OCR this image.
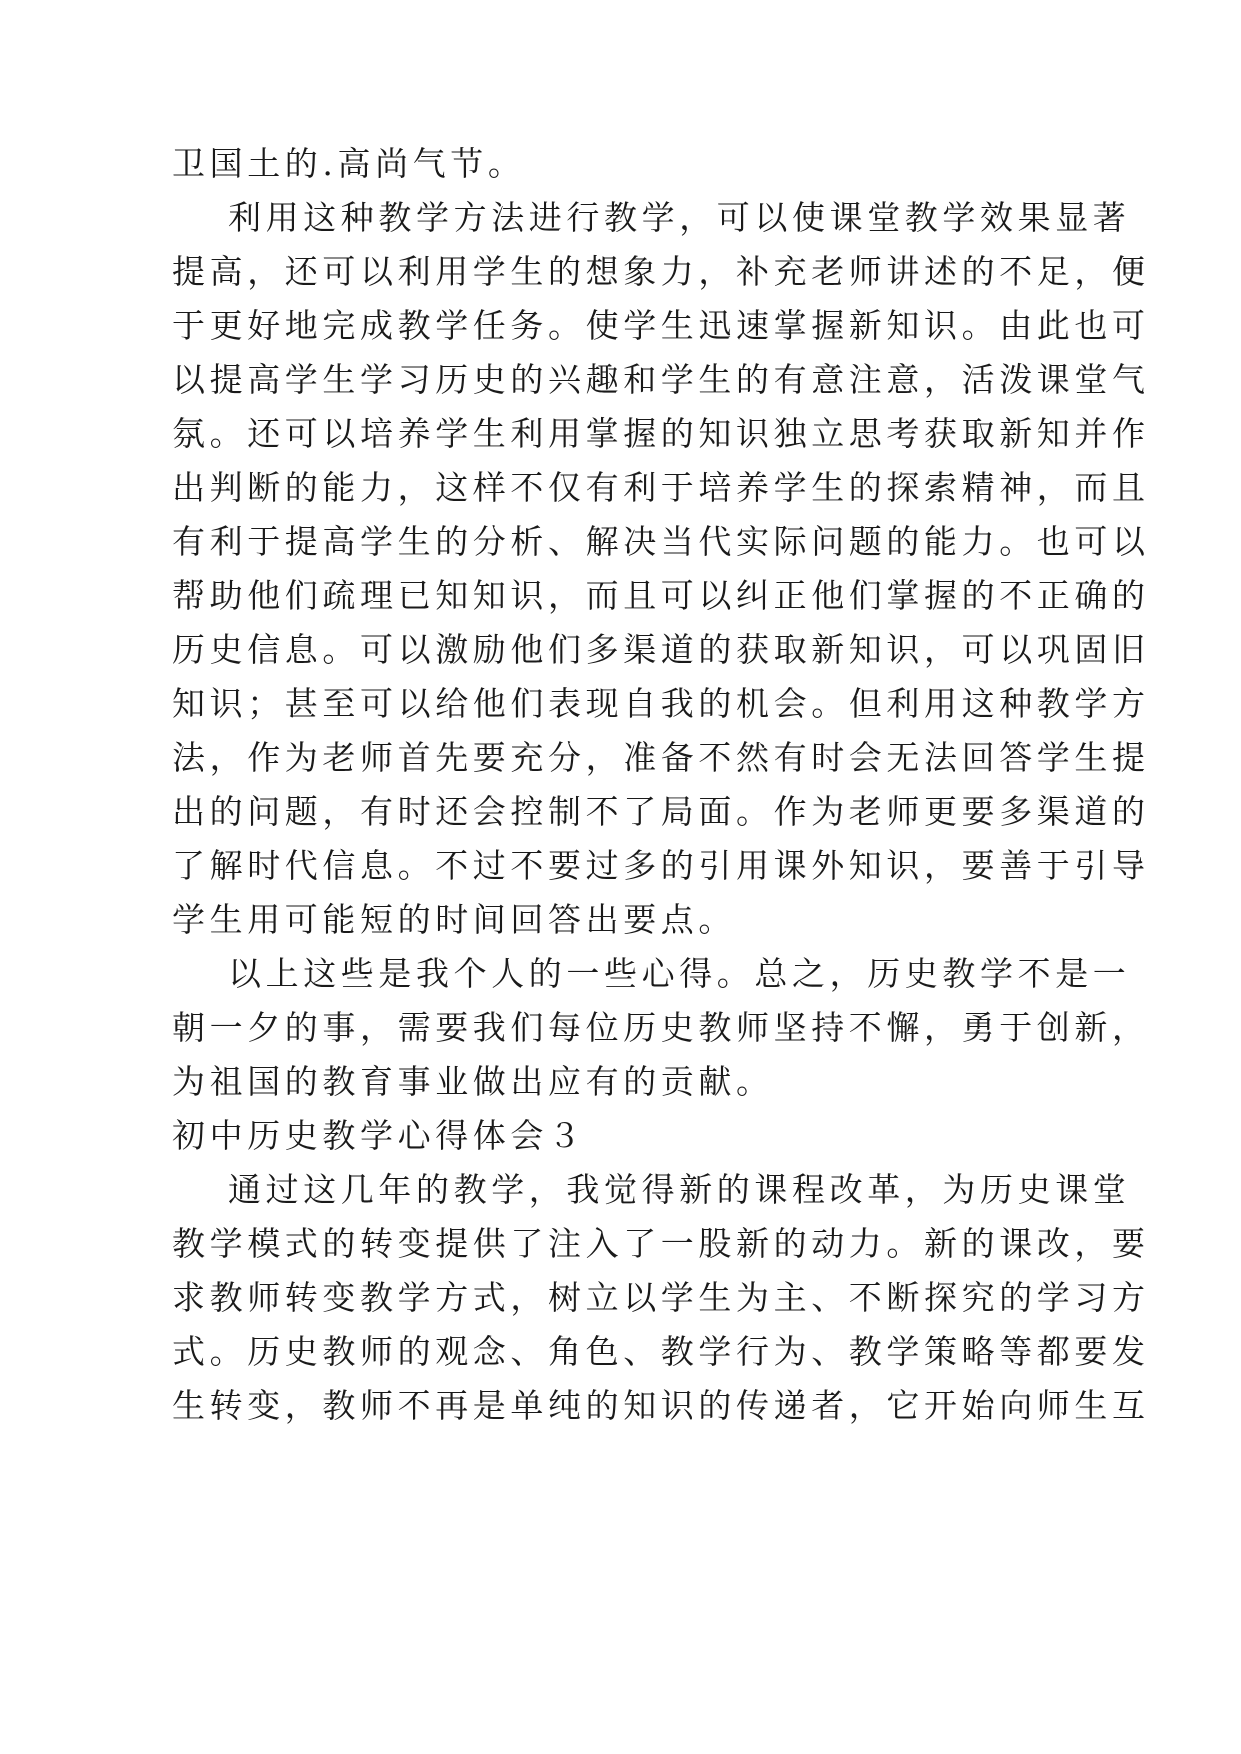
卫国土的.高尚气节。
利用这种教学方法进行教学，可以使课堂教学效果显著
提高，还可以利用学生的想象力，补充老师讲述的不足，便
于更好地完成教学任务。使学生迅速掌握新知识。由此也可
以提高学生学习历史的兴趣和学生的有意注意，活泼课堂气
氛。还可以培养学生利用掌握的知识独立思考获取新知并作
出判断的能力，这样不仅有利于培养学生的探索精神，而且
有利于提高学生的分析、解决当代实际问题的能力。也可以
帮助他们疏理已知知识，而且可以纠正他们掌握的不正确的
历史信息。可以激励他们多渠道的获取新知识，可以巩固旧
知识；甚至可以给他们表现自我的机会。但利用这种教学方
法，作为老师首先要充分，准备不然有时会无法回答学生提
出的问题，有时还会控制不了局面。作为老师更要多渠道的
了解时代信息。不过不要过多的引用课外知识，要善于引导
学生用可能短的时间回答出要点。
以上这些是我个人的一些心得。总之，历史教学不是一
朝一夕的事，需要我们每位历史教师坚持不懈，勇于创新，
为祖国的教育事业做出应有的贡献。
初中历史教学心得体会３
通过这几年的教学，我觉得新的课程改革，为历史课堂
教学模式的转变提供了注入了一股新的动力。新的课改，要
求教师转变教学方式，树立以学生为主、不断探究的学习方
式。历史教师的观念、角色、教学行为、教学策略等都要发
生转变，教师不再是单纯的知识的传递者，它开始向师生互
